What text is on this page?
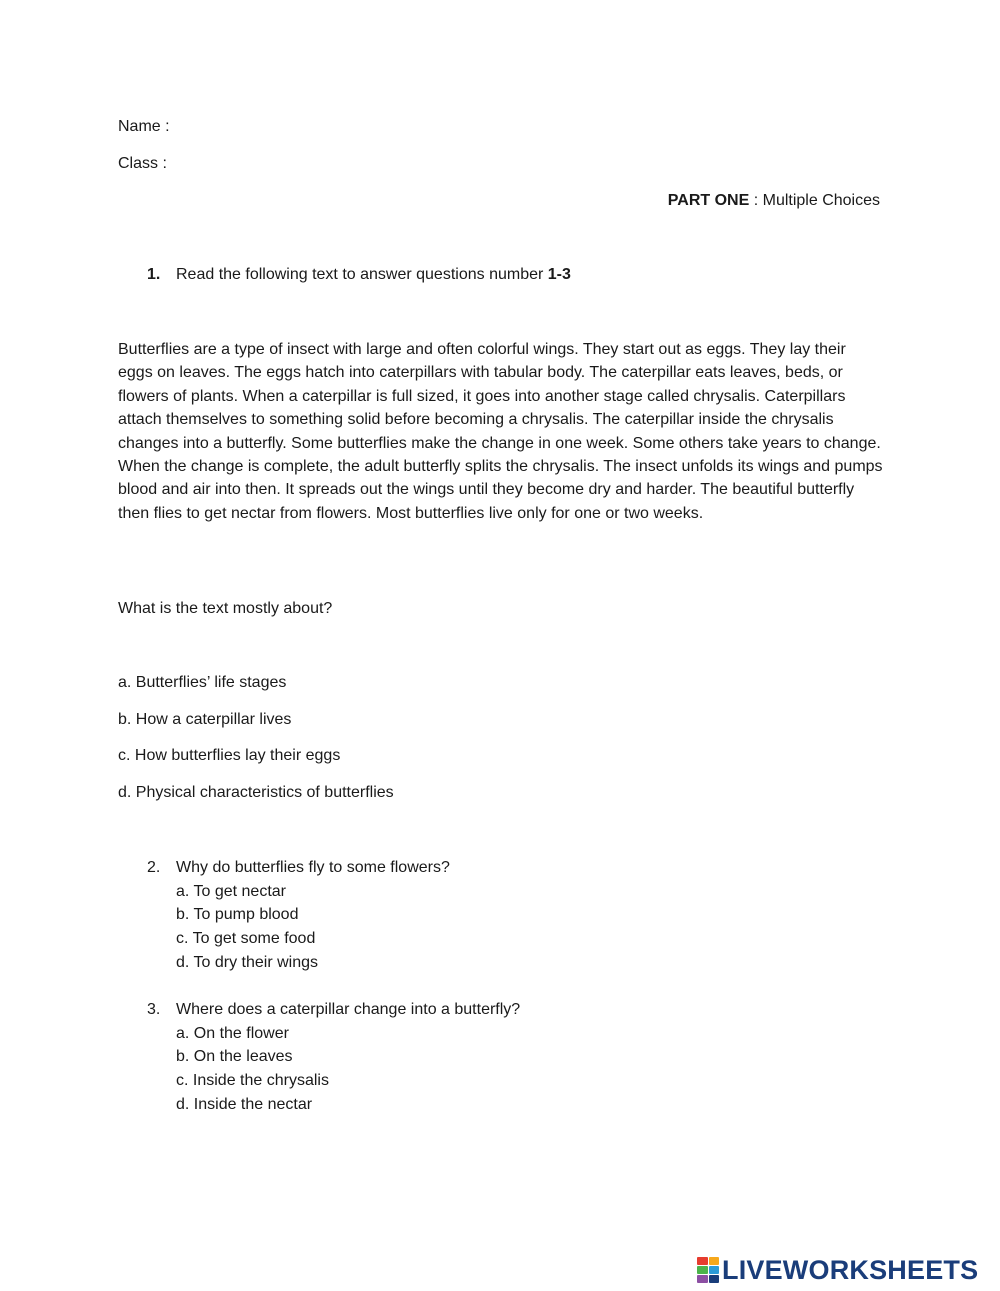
Name :
Class :
PART ONE : Multiple Choices
1. Read the following text to answer questions number 1-3
Butterflies are a type of insect with large and often colorful wings. They start out as eggs. They lay their eggs on leaves. The eggs hatch into caterpillars with tabular body. The caterpillar eats leaves, beds, or flowers of plants. When a caterpillar is full sized, it goes into another stage called chrysalis. Caterpillars attach themselves to something solid before becoming a chrysalis. The caterpillar inside the chrysalis changes into a butterfly. Some butterflies make the change in one week. Some others take years to change. When the change is complete, the adult butterfly splits the chrysalis. The insect unfolds its wings and pumps blood and air into then. It spreads out the wings until they become dry and harder. The beautiful butterfly then flies to get nectar from flowers. Most butterflies live only for one or two weeks.
What is the text mostly about?
a. Butterflies’ life stages
b. How a caterpillar lives
c. How butterflies lay their eggs
d. Physical characteristics of butterflies
2. Why do butterflies fly to some flowers?
a. To get nectar
b. To pump blood
c. To get some food
d. To dry their wings
3. Where does a caterpillar change into a butterfly?
a. On the flower
b. On the leaves
c. Inside the chrysalis
d. Inside the nectar
LIVEWORKSHEETS
